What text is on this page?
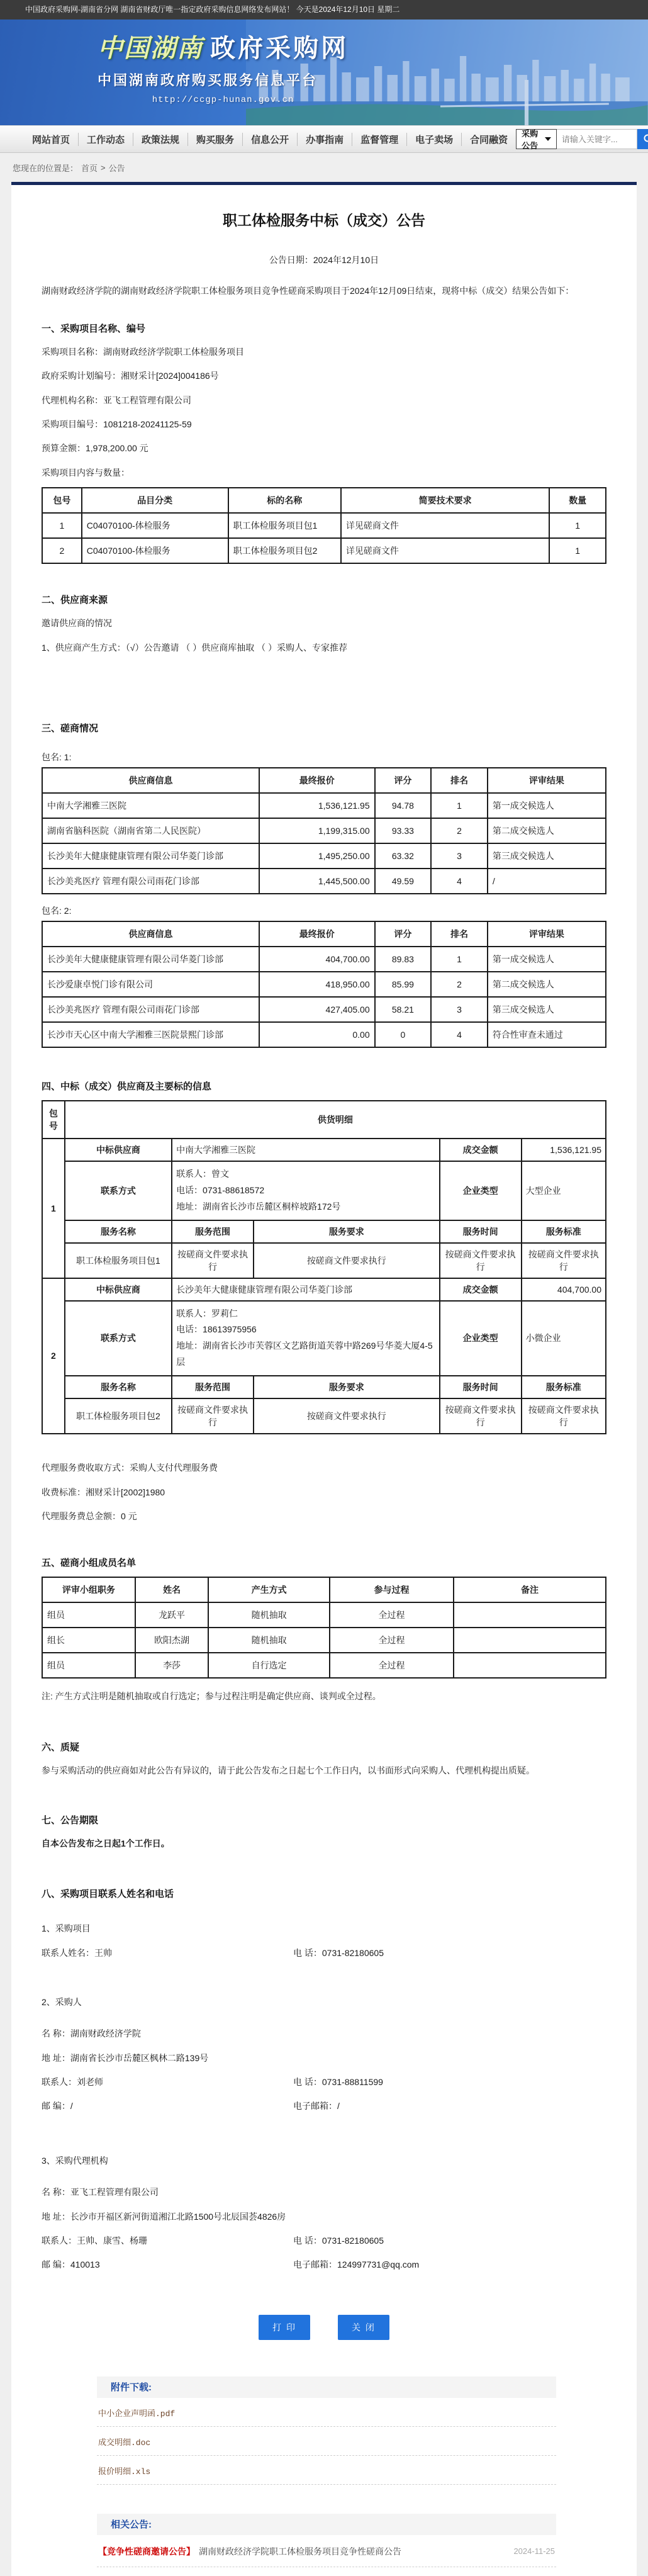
中国政府采购网-湖南省分网 湖南省财政厅唯一指定政府采购信息网络发布网站！ 今天是2024年12月10日 星期二
中国湖南 政府采购网
中国湖南政府购买服务信息平台
http://ccgp-hunan.gov.cn
网站首页	工作动态	政策法规	购买服务	信息公开	办事指南	监督管理	电子卖场	合同融资
采购公告
请输入关键字...
您现在的位置是： 首页 > 公告
职工体检服务中标（成交）公告

公告日期：2024年12月10日

湖南财政经济学院的湖南财政经济学院职工体检服务项目竞争性磋商采购项目于2024年12月09日结束，现将中标（成交）结果公告如下：

一、采购项目名称、编号

采购项目名称：湖南财政经济学院职工体检服务项目

政府采购计划编号：湘财采计[2024]004186号

代理机构名称：亚飞工程管理有限公司

采购项目编号：1081218-20241125-59

预算金额：1,978,200.00 元

采购项目内容与数量：

包号	品目分类	标的名称	简要技术要求	数量
1	C04070100-体检服务	职工体检服务项目包1	详见磋商文件	1
2	C04070100-体检服务	职工体检服务项目包2	详见磋商文件	1
二、供应商来源

邀请供应商的情况

1、供应商产生方式：（√）公告邀请 （ ）供应商库抽取 （ ）采购人、专家推荐

三、磋商情况

包名: 1:

供应商信息	最终报价	评分	排名	评审结果
中南大学湘雅三医院	1,536,121.95	94.78	1	第一成交候选人
湖南省脑科医院（湖南省第二人民医院）	1,199,315.00	93.33	2	第二成交候选人
长沙美年大健康健康管理有限公司华菱门诊部	1,495,250.00	63.32	3	第三成交候选人
长沙美兆医疗 管理有限公司雨花门诊部	1,445,500.00	49.59	4	/

包名: 2:

供应商信息	最终报价	评分	排名	评审结果
长沙美年大健康健康管理有限公司华菱门诊部	404,700.00	89.83	1	第一成交候选人
长沙爱康卓悦门诊有限公司	418,950.00	85.99	2	第二成交候选人
长沙美兆医疗 管理有限公司雨花门诊部	427,405.00	58.21	3	第三成交候选人
长沙市天心区中南大学湘雅三医院景熙门诊部	0.00	0	4	符合性审查未通过
四、中标（成交）供应商及主要标的信息
包号	供货明细				
1	中标供应商	中南大学湘雅三医院		成交金额	1,536,121.95
	联系方式	联系人：曾文
电话：0731-88618572
地址：湖南省长沙市岳麓区桐梓坡路172号		企业类型	大型企业
	服务名称	服务范围	服务要求	服务时间	服务标准
	职工体检服务项目包1	按磋商文件要求执行	按磋商文件要求执行	按磋商文件要求执行	按磋商文件要求执行
2	中标供应商	长沙美年大健康健康管理有限公司华菱门诊部		成交金额	404,700.00
	联系方式	联系人：罗莉仁
电话：18613975956
地址：湖南省长沙市芙蓉区文艺路街道芙蓉中路269号华菱大厦4-5层		企业类型	小微企业
	服务名称	服务范围	服务要求	服务时间	服务标准
	职工体检服务项目包2	按磋商文件要求执行	按磋商文件要求执行	按磋商文件要求执行	按磋商文件要求执行

代理服务费收取方式：采购人支付代理服务费

收费标准：湘财采计[2002]1980

代理服务费总金额：0 元

五、磋商小组成员名单
评审小组职务	姓名	产生方式	参与过程	备注
组员	龙跃平	随机抽取	全过程	
组长	欧阳杰湖	随机抽取	全过程	
组员	李莎	自行选定	全过程	

注: 产生方式注明是随机抽取或自行选定；参与过程注明是确定供应商、谈判或全过程。

六、质疑

参与采购活动的供应商如对此公告有异议的，请于此公告发布之日起七个工作日内，以书面形式向采购人、代理机构提出质疑。

七、公告期限

自本公告发布之日起1个工作日。

八、采购项目联系人姓名和电话

1、采购项目

联系人姓名：王帅	电 话：0731-82180605

2、采购人

名 称：湖南财政经济学院

地 址：湖南省长沙市岳麓区枫林二路139号

联系人：刘老师	电 话：0731-88811599
邮 编：/	电子邮箱：/

3、采购代理机构

名 称：亚飞工程管理有限公司

地 址：长沙市开福区新河街道湘江北路1500号北辰国荟4826房

联系人：王帅、康雪、杨珊	电 话：0731-82180605
邮 编：410013	电子邮箱：124997731@qq.com
打 印	关 闭
附件下载:
中小企业声明函.pdf
成交明细.doc
报价明细.xls
相关公告:
【竞争性磋商邀请公告】 湖南财政经济学院职工体检服务项目竞争性磋商公告	2024-11-25
